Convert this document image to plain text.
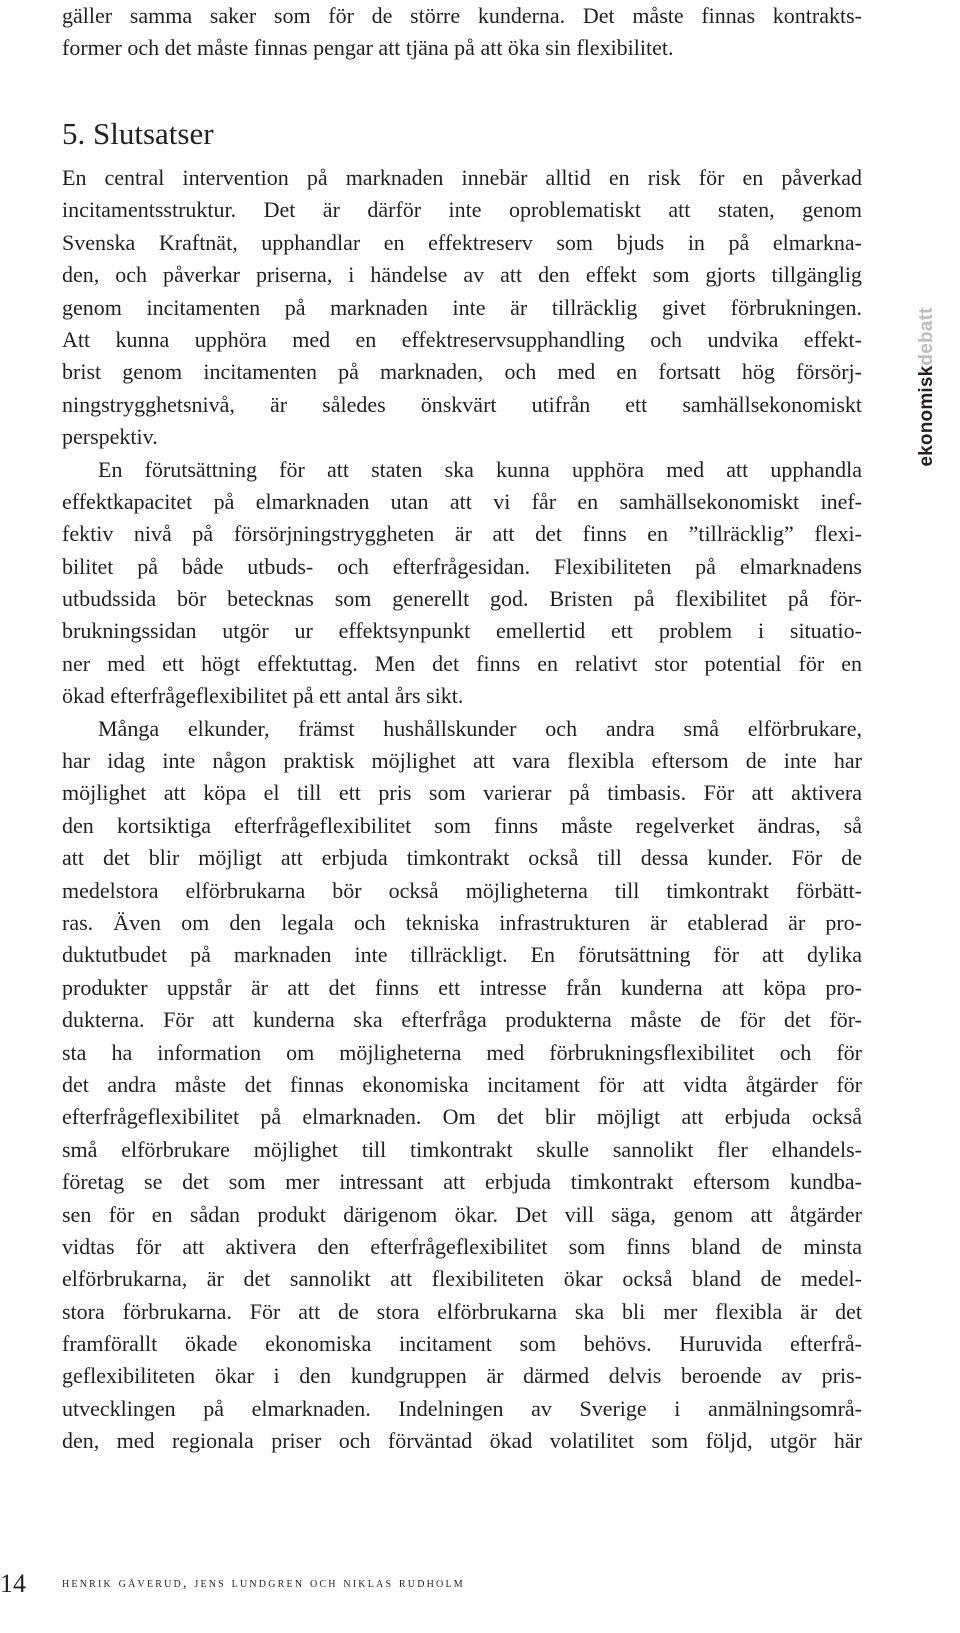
gäller samma saker som för de större kunderna. Det måste finnas kontrakts-
former och det måste finnas pengar att tjäna på att öka sin flexibilitet.
5. Slutsatser
En central intervention på marknaden innebär alltid en risk för en påverkad
incitamentsstruktur. Det är därför inte oproblematiskt att staten, genom
Svenska Kraftnät, upphandlar en effektreserv som bjuds in på elmarkna-
den, och påverkar priserna, i händelse av att den effekt som gjorts tillgänglig
genom incitamenten på marknaden inte är tillräcklig givet förbrukningen.
Att kunna upphöra med en effektreservsupphandling och undvika effekt-
brist genom incitamenten på marknaden, och med en fortsatt hög försörj-
ningstrygghetsnivå, är således önskvärt utifrån ett samhällsekonomiskt
perspektiv.
En förutsättning för att staten ska kunna upphöra med att upphandla
effektkapacitet på elmarknaden utan att vi får en samhällsekonomiskt inef-
fektiv nivå på försörjningstryggheten är att det finns en ”tillräcklig” flexi-
bilitet på både utbuds- och efterfrågesidan. Flexibiliteten på elmarknadens
utbudssida bör betecknas som generellt god. Bristen på flexibilitet på för-
brukningssidan utgör ur effektsynpunkt emellertid ett problem i situatio-
ner med ett högt effektuttag. Men det finns en relativt stor potential för en
ökad efterfrågeflexibilitet på ett antal års sikt.
Många elkunder, främst hushållskunder och andra små elförbrukare,
har idag inte någon praktisk möjlighet att vara flexibla eftersom de inte har
möjlighet att köpa el till ett pris som varierar på timbasis. För att aktivera
den kortsiktiga efterfrågeflexibilitet som finns måste regelverket ändras, så
att det blir möjligt att erbjuda timkontrakt också till dessa kunder. För de
medelstora elförbrukarna bör också möjligheterna till timkontrakt förbätt-
ras. Även om den legala och tekniska infrastrukturen är etablerad är pro-
duktutbudet på marknaden inte tillräckligt. En förutsättning för att dylika
produkter uppstår är att det finns ett intresse från kunderna att köpa pro-
dukterna. För att kunderna ska efterfråga produkterna måste de för det för-
sta ha information om möjligheterna med förbrukningsflexibilitet och för
det andra måste det finnas ekonomiska incitament för att vidta åtgärder för
efterfrågeflexibilitet på elmarknaden. Om det blir möjligt att erbjuda också
små elförbrukare möjlighet till timkontrakt skulle sannolikt fler elhandels-
företag se det som mer intressant att erbjuda timkontrakt eftersom kundba-
sen för en sådan produkt därigenom ökar. Det vill säga, genom att åtgärder
vidtas för att aktivera den efterfrågeflexibilitet som finns bland de minsta
elförbrukarna, är det sannolikt att flexibiliteten ökar också bland de medel-
stora förbrukarna. För att de stora elförbrukarna ska bli mer flexibla är det
framförallt ökade ekonomiska incitament som behövs. Huruvida efterfrå-
geflexibiliteten ökar i den kundgruppen är därmed delvis beroende av pris-
utvecklingen på elmarknaden. Indelningen av Sverige i anmälningsområ-
den, med regionala priser och förväntad ökad volatilitet som följd, utgör här
ekonomiskdebatt
14	henrik gåverud, jens lundgren och niklas rudholm
